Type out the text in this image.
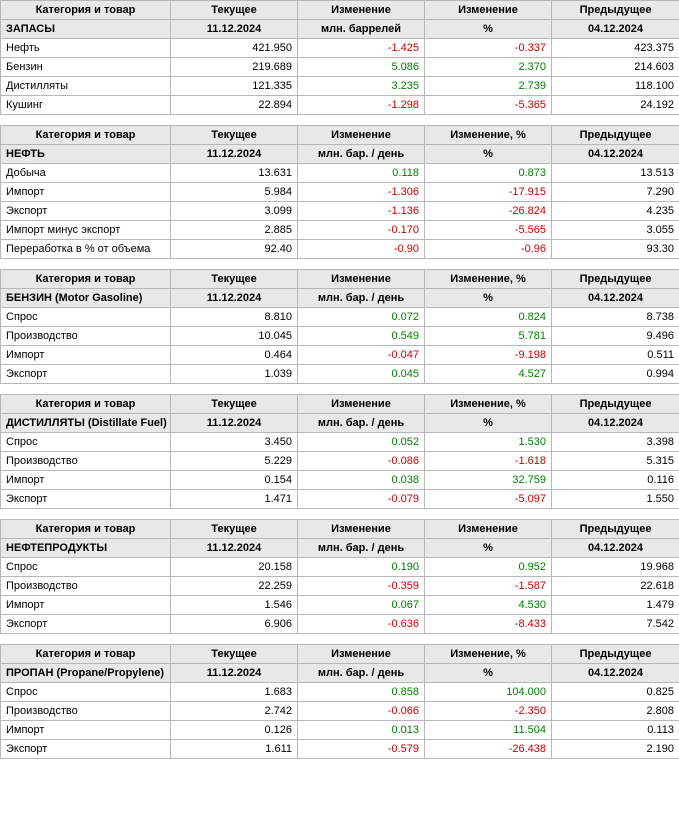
Категория и товар	Текущее	Изменение	Изменение	Предыдущее
ЗАПАСЫ	11.12.2024	млн. баррелей	%	04.12.2024
Нефть	421.950	-1.425	-0.337	423.375
Бензин	219.689	5.086	2.370	214.603
Дистилляты	121.335	3.235	2.739	118.100
Кушинг	22.894	-1.298	-5.365	24.192
Категория и товар	Текущее	Изменение	Изменение, %	Предыдущее
НЕФТЬ	11.12.2024	млн. бар. / день	%	04.12.2024
Добыча	13.631	0.118	0.873	13.513
Импорт	5.984	-1.306	-17.915	7.290
Экспорт	3.099	-1.136	-26.824	4.235
Импорт минус экспорт	2.885	-0.170	-5.565	3.055
Переработка в % от объема	92.40	-0.90	-0.96	93.30
Категория и товар	Текущее	Изменение	Изменение, %	Предыдущее
БЕНЗИН (Motor Gasoline)	11.12.2024	млн. бар. / день	%	04.12.2024
Спрос	8.810	0.072	0.824	8.738
Производство	10.045	0.549	5.781	9.496
Импорт	0.464	-0.047	-9.198	0.511
Экспорт	1.039	0.045	4.527	0.994
Категория и товар	Текущее	Изменение	Изменение, %	Предыдущее
ДИСТИЛЛЯТЫ (Distillate Fuel)	11.12.2024	млн. бар. / день	%	04.12.2024
Спрос	3.450	0.052	1.530	3.398
Производство	5.229	-0.086	-1.618	5.315
Импорт	0.154	0.038	32.759	0.116
Экспорт	1.471	-0.079	-5.097	1.550
Категория и товар	Текущее	Изменение	Изменение	Предыдущее
НЕФТЕПРОДУКТЫ	11.12.2024	млн. бар. / день	%	04.12.2024
Спрос	20.158	0.190	0.952	19.968
Производство	22.259	-0.359	-1.587	22.618
Импорт	1.546	0.067	4.530	1.479
Экспорт	6.906	-0.636	-8.433	7.542
Категория и товар	Текущее	Изменение	Изменение, %	Предыдущее
ПРОПАН (Propane/Propylene)	11.12.2024	млн. бар. / день	%	04.12.2024
Спрос	1.683	0.858	104.000	0.825
Производство	2.742	-0.066	-2.350	2.808
Импорт	0.126	0.013	11.504	0.113
Экспорт	1.611	-0.579	-26.438	2.190
